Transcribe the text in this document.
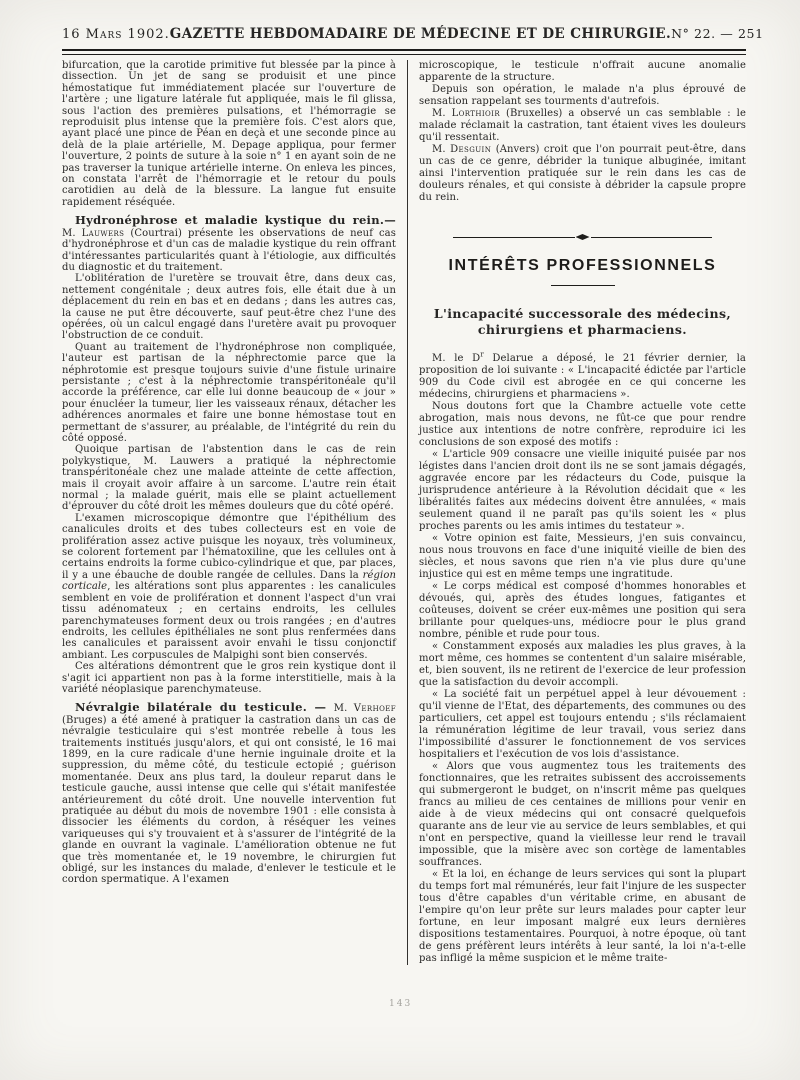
16 Mars 1902. GAZETTE HEBDOMADAIRE DE MÉDECINE ET DE CHIRURGIE. N° 22. — 251

bifurcation, que la carotide primitive fut blessée par la pince à dissection. Un jet de sang se produisit et une pince hémostatique fut immédiatement placée sur l'ouverture de l'artère ; une ligature latérale fut appliquée, mais le fil glissa, sous l'action des premières pulsations, et l'hémorragie se reproduisit plus intense que la première fois. C'est alors que, ayant placé une pince de Péan en deçà et une seconde pince au delà de la plaie artérielle, M. Depage appliqua, pour fermer l'ouverture, 2 points de suture à la soie n° 1 en ayant soin de ne pas traverser la tunique artérielle interne. On enleva les pinces, on constata l'arrêt de l'hémorragie et le retour du pouls carotidien au delà de la blessure. La langue fut ensuite rapidement réséquée.

Hydronéphrose et maladie kystique du rein.—M. Lauwers (Courtrai) présente les observations de neuf cas d'hydronéphrose et d'un cas de maladie kystique du rein offrant d'intéressantes particularités quant à l'étiologie, aux difficultés du diagnostic et du traitement.

L'oblitération de l'uretère se trouvait être, dans deux cas, nettement congénitale ; deux autres fois, elle était due à un déplacement du rein en bas et en dedans ; dans les autres cas, la cause ne put être découverte, sauf peut-être chez l'une des opérées, où un calcul engagé dans l'uretère avait pu provoquer l'obstruction de ce conduit.

Quant au traitement de l'hydronéphrose non compliquée, l'auteur est partisan de la néphrectomie parce que la néphrotomie est presque toujours suivie d'une fistule urinaire persistante ; c'est à la néphrectomie transpéritonéale qu'il accorde la préférence, car elle lui donne beaucoup de « jour » pour énucléer la tumeur, lier les vaisseaux rénaux, détacher les adhérences anormales et faire une bonne hémostase tout en permettant de s'assurer, au préalable, de l'intégrité du rein du côté opposé.

Quoique partisan de l'abstention dans le cas de rein polykystique, M. Lauwers a pratiqué la néphrectomie transpéritonéale chez une malade atteinte de cette affection, mais il croyait avoir affaire à un sarcome. L'autre rein était normal ; la malade guérit, mais elle se plaint actuellement d'éprouver du côté droit les mêmes douleurs que du côté opéré.

L'examen microscopique démontre que l'épithélium des canalicules droits et des tubes collecteurs est en voie de prolifération assez active puisque les noyaux, très volumineux, se colorent fortement par l'hématoxiline, que les cellules ont à certains endroits la forme cubico-cylindrique et que, par places, il y a une ébauche de double rangée de cellules. Dans la région corticale, les altérations sont plus apparentes : les canalicules semblent en voie de prolifération et donnent l'aspect d'un vrai tissu adénomateux ; en certains endroits, les cellules parenchymateuses forment deux ou trois rangées ; en d'autres endroits, les cellules épithéliales ne sont plus renfermées dans les canalicules et paraissent avoir envahi le tissu conjonctif ambiant. Les corpuscules de Malpighi sont bien conservés.

Ces altérations démontrent que le gros rein kystique dont il s'agit ici appartient non pas à la forme interstitielle, mais à la variété néoplasique parenchymateuse.

Névralgie bilatérale du testicule. — M. Verhoef (Bruges) a été amené à pratiquer la castration dans un cas de névralgie testiculaire qui s'est montrée rebelle à tous les traitements institués jusqu'alors, et qui ont consisté, le 16 mai 1899, en la cure radicale d'une hernie inguinale droite et la suppression, du même côté, du testicule ectopié ; guérison momentanée. Deux ans plus tard, la douleur reparut dans le testicule gauche, aussi intense que celle qui s'était manifestée antérieurement du côté droit. Une nouvelle intervention fut pratiquée au début du mois de novembre 1901 : elle consista à dissocier les éléments du cordon, à réséquer les veines variqueuses qui s'y trouvaient et à s'assurer de l'intégrité de la glande en ouvrant la vaginale. L'amélioration obtenue ne fut que très momentanée et, le 19 novembre, le chirurgien fut obligé, sur les instances du malade, d'enlever le testicule et le cordon spermatique. A l'examen

microscopique, le testicule n'offrait aucune anomalie apparente de la structure.

Depuis son opération, le malade n'a plus éprouvé de sensation rappelant ses tourments d'autrefois.

M. Lorthioir (Bruxelles) a observé un cas semblable : le malade réclamait la castration, tant étaient vives les douleurs qu'il ressentait.

M. Desguin (Anvers) croit que l'on pourrait peut-être, dans un cas de ce genre, débrider la tunique albuginée, imitant ainsi l'intervention pratiquée sur le rein dans les cas de douleurs rénales, et qui consiste à débrider la capsule propre du rein.

INTÉRÊTS PROFESSIONNELS
L'incapacité successorale des médecins,
chirurgiens et pharmaciens.

M. le $D^r$ Delarue a déposé, le 21 février dernier, la proposition de loi suivante : « L'incapacité édictée par l'article 909 du Code civil est abrogée en ce qui concerne les médecins, chirurgiens et pharmaciens ».

Nous doutons fort que la Chambre actuelle vote cette abrogation, mais nous devons, ne fût-ce que pour rendre justice aux intentions de notre confrère, reproduire ici les conclusions de son exposé des motifs :

« L'article 909 consacre une vieille iniquité puisée par nos légistes dans l'ancien droit dont ils ne se sont jamais dégagés, aggravée encore par les rédacteurs du Code, puisque la jurisprudence antérieure à la Révolution décidait que « les libéralités faites aux médecins doivent être annulées, « mais seulement quand il ne paraît pas qu'ils soient les « plus proches parents ou les amis intimes du testateur ».

« Votre opinion est faite, Messieurs, j'en suis convaincu, nous nous trouvons en face d'une iniquité vieille de bien des siècles, et nous savons que rien n'a vie plus dure qu'une injustice qui est en même temps une ingratitude.

« Le corps médical est composé d'hommes honorables et dévoués, qui, après des études longues, fatigantes et coûteuses, doivent se créer eux-mêmes une position qui sera brillante pour quelques-uns, médiocre pour le plus grand nombre, pénible et rude pour tous.

« Constamment exposés aux maladies les plus graves, à la mort même, ces hommes se contentent d'un salaire misérable, et, bien souvent, ils ne retirent de l'exercice de leur profession que la satisfaction du devoir accompli.

« La société fait un perpétuel appel à leur dévouement : qu'il vienne de l'Etat, des départements, des communes ou des particuliers, cet appel est toujours entendu ; s'ils réclamaient la rémunération légitime de leur travail, vous seriez dans l'impossibilité d'assurer le fonctionnement de vos services hospitaliers et l'exécution de vos lois d'assistance.

« Alors que vous augmentez tous les traitements des fonctionnaires, que les retraites subissent des accroissements qui submergeront le budget, on n'inscrit même pas quelques francs au milieu de ces centaines de millions pour venir en aide à de vieux médecins qui ont consacré quelquefois quarante ans de leur vie au service de leurs semblables, et qui n'ont en perspective, quand la vieillesse leur rend le travail impossible, que la misère avec son cortège de lamentables souffrances.

« Et la loi, en échange de leurs services qui sont la plupart du temps fort mal rémunérés, leur fait l'injure de les suspecter tous d'être capables d'un véritable crime, en abusant de l'empire qu'on leur prête sur leurs malades pour capter leur fortune, en leur imposant malgré eux leurs dernières dispositions testamentaires. Pourquoi, à notre époque, où tant de gens préfèrent leurs intérêts à leur santé, la loi n'a-t-elle pas infligé la même suspicion et le même traite-

143
